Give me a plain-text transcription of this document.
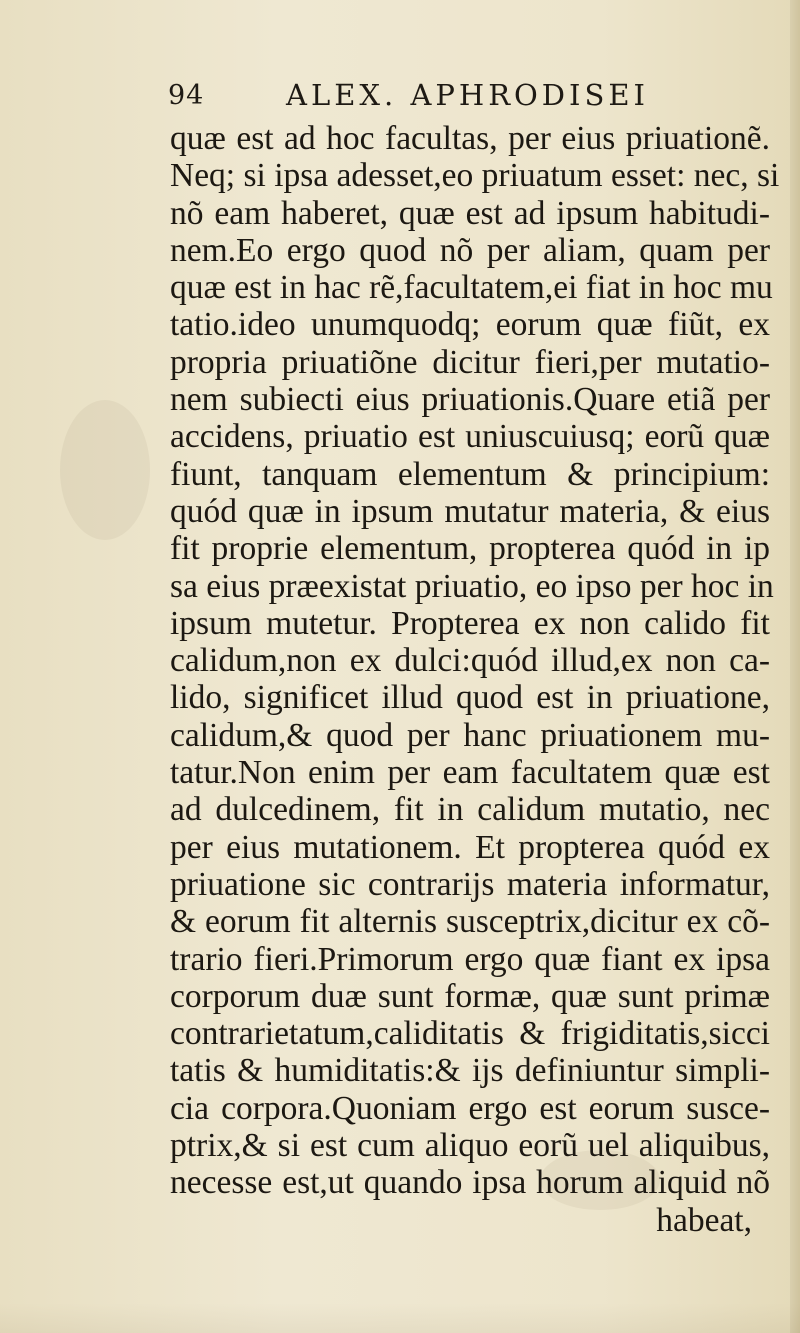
94	ALEX. APHRODISEI
quæ est ad hoc facultas, per eius priuationẽ.
Neq; si ipsa adesset,eo priuatum esset: nec, si
nõ eam haberet, quæ est ad ipsum habitudi-
nem.Eo ergo quod nõ per aliam, quam per
quæ est in hac rẽ,facultatem,ei fiat in hoc mu
tatio.ideo unumquodq; eorum quæ fiũt, ex
propria priuatiõne dicitur fieri,per mutatio-
nem subiecti eius priuationis.Quare etiã per
accidens, priuatio est uniuscuiusq; eorũ quæ
fiunt, tanquam elementum & principium:
quód quæ in ipsum mutatur materia, & eius
fit proprie elementum, propterea quód in ip
sa eius præexistat priuatio, eo ipso per hoc in
ipsum mutetur. Propterea ex non calido fit
calidum,non ex dulci:quód illud,ex non ca-
lido, significet illud quod est in priuatione,
calidum,& quod per hanc priuationem mu-
tatur.Non enim per eam facultatem quæ est
ad dulcedinem, fit in calidum mutatio, nec
per eius mutationem. Et propterea quód ex
priuatione sic contrarijs materia informatur,
& eorum fit alternis susceptrix,dicitur ex cõ-
trario fieri.Primorum ergo quæ fiant ex ipsa
corporum duæ sunt formæ, quæ sunt primæ
contrarietatum,caliditatis & frigiditatis,sicci
tatis & humiditatis:& ijs definiuntur simpli-
cia corpora.Quoniam ergo est eorum susce-
ptrix,& si est cum aliquo eorũ uel aliquibus,
necesse est,ut quando ipsa horum aliquid nõ
habeat,
